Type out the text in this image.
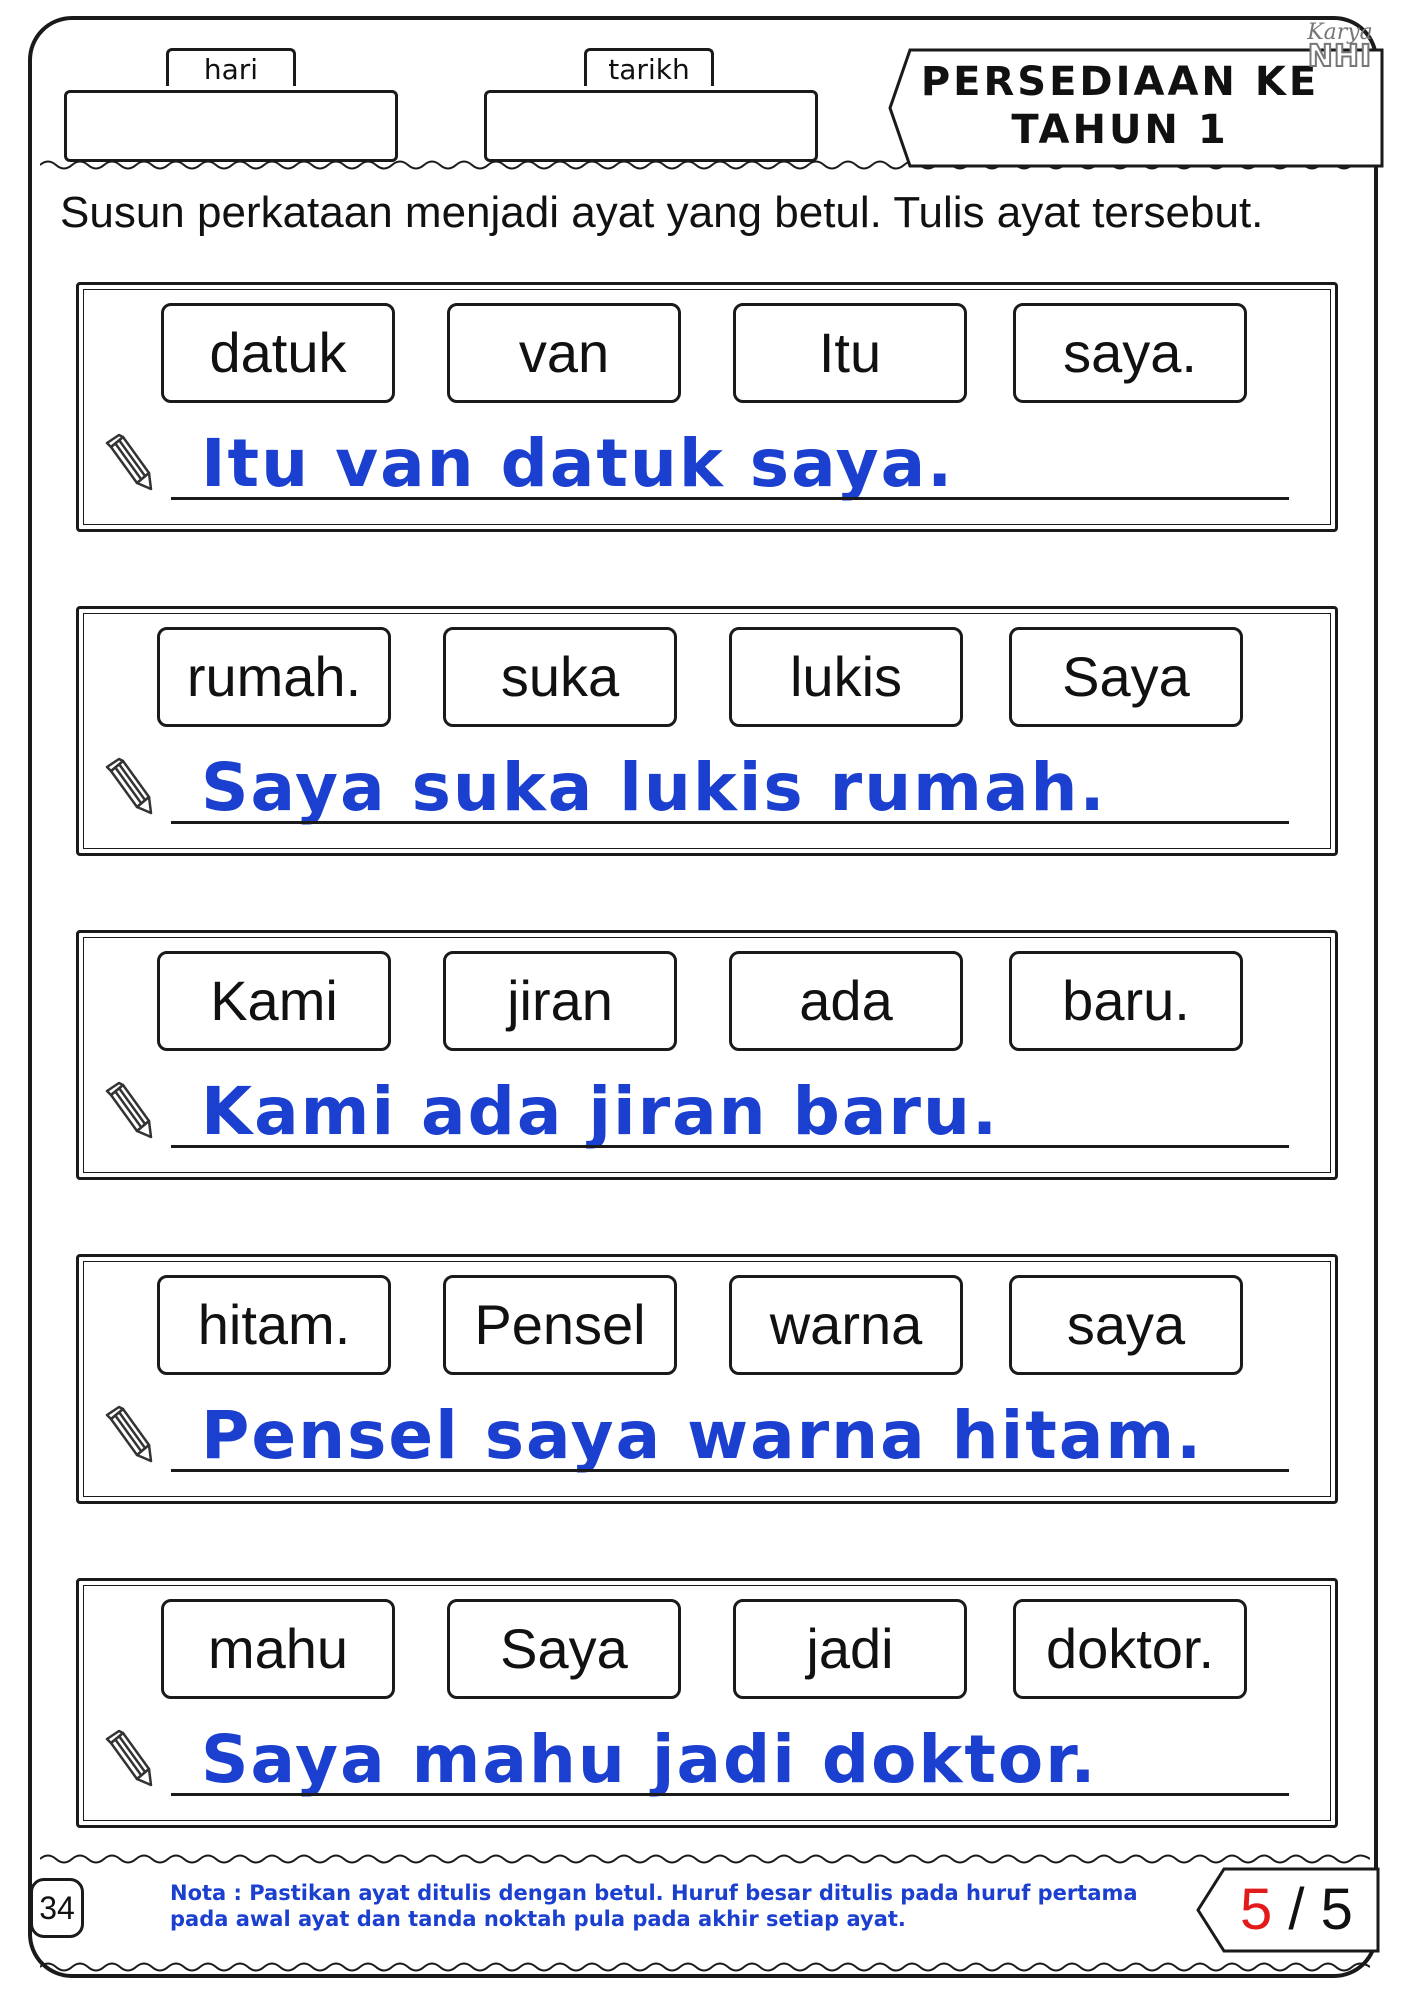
hari	tarikh	PERSEDIAAN KE
TAHUN 1
Karya
NHI
Susun perkataan menjadi ayat yang betul. Tulis ayat tersebut.
datuk	van	Itu	saya.
Itu van datuk saya.
rumah.	suka	lukis	Saya
Saya suka lukis rumah.
Kami	jiran	ada	baru.
Kami ada jiran baru.
hitam.	Pensel	warna	saya
Pensel saya warna hitam.
mahu	Saya	jadi	doktor.
Saya mahu jadi doktor.
34	Nota : Pastikan ayat ditulis dengan betul. Huruf besar ditulis pada huruf pertama
pada awal ayat dan tanda noktah pula pada akhir setiap ayat.	5 / 5
